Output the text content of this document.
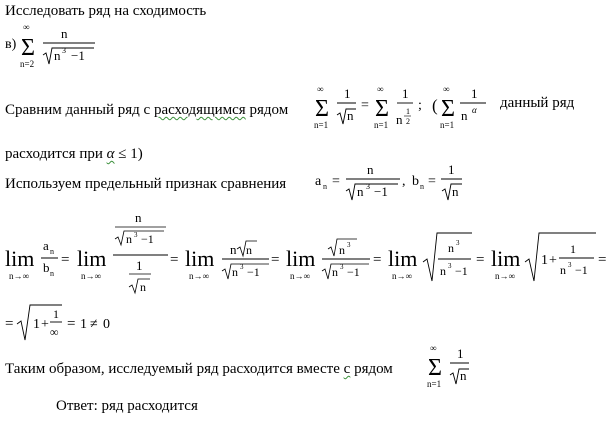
Исследовать ряд на сходимость
в)
∞
Σ
n=2
n
n 3 −1
Сравним данный ряд с расходящимся рядом
∞
Σ
n=1
1
n
=
∞
Σ
n=1
1
n
1
2
; (
∞
Σ
n=1
1
n α данный ряд
расходится при α ≤ 1)
Используем предельный признак сравнения a n =
n
n 3 −1
, b n =
1
n
lim
n→∞
a n
b n
= lim
n→∞
n
n 3 −1
1
n
= lim
n→∞
n n
n 3 −1
= lim
n→∞
n 3
n 3 −1
= lim
n→∞
n 3
n 3 −1
= lim
n→∞
1 +
1
n 3 −1
=
= 1 +
1
∞ = 1 ≠ 0
Таким образом, исследуемый ряд расходится вместе с рядом
∞
Σ
n=1
1
n
Ответ: ряд расходится
